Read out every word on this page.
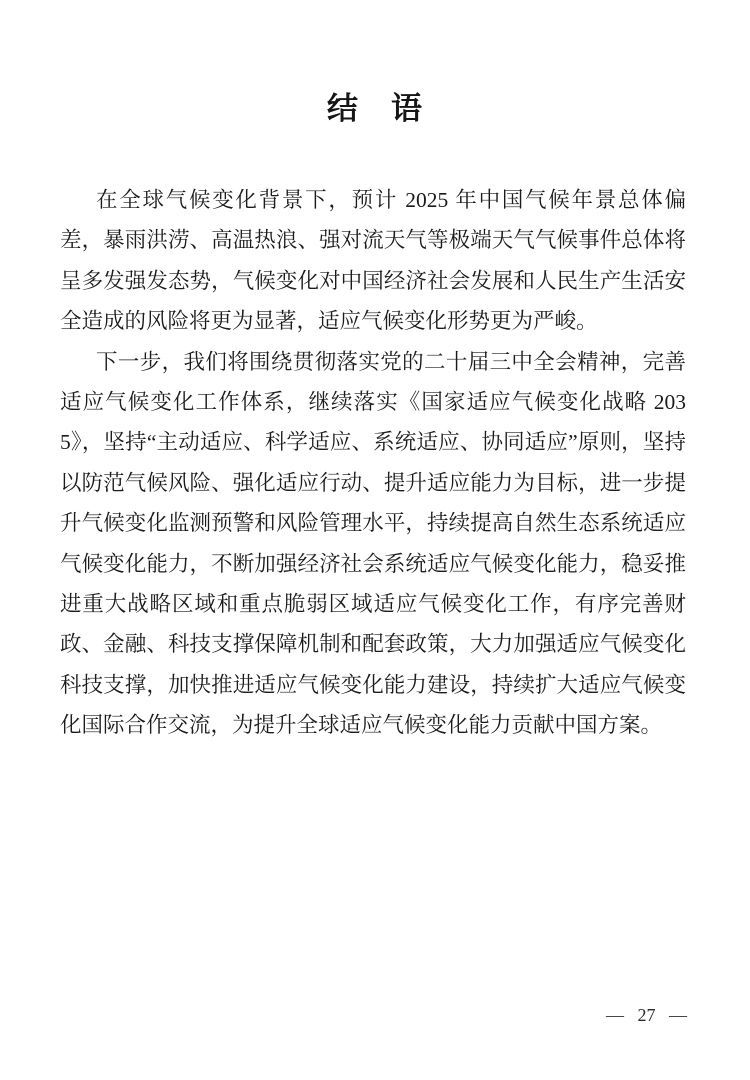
结　语

在全球气候变化背景下，预计 2025 年中国气候年景总体偏差，暴雨洪涝、高温热浪、强对流天气等极端天气气候事件总体将呈多发强发态势，气候变化对中国经济社会发展和人民生产生活安全造成的风险将更为显著，适应气候变化形势更为严峻。

下一步，我们将围绕贯彻落实党的二十届三中全会精神，完善适应气候变化工作体系，继续落实《国家适应气候变化战略 2035》，坚持“主动适应、科学适应、系统适应、协同适应”原则，坚持以防范气候风险、强化适应行动、提升适应能力为目标，进一步提升气候变化监测预警和风险管理水平，持续提高自然生态系统适应气候变化能力，不断加强经济社会系统适应气候变化能力，稳妥推进重大战略区域和重点脆弱区域适应气候变化工作，有序完善财政、金融、科技支撑保障机制和配套政策，大力加强适应气候变化科技支撑，加快推进适应气候变化能力建设，持续扩大适应气候变化国际合作交流，为提升全球适应气候变化能力贡献中国方案。

— 27 —
